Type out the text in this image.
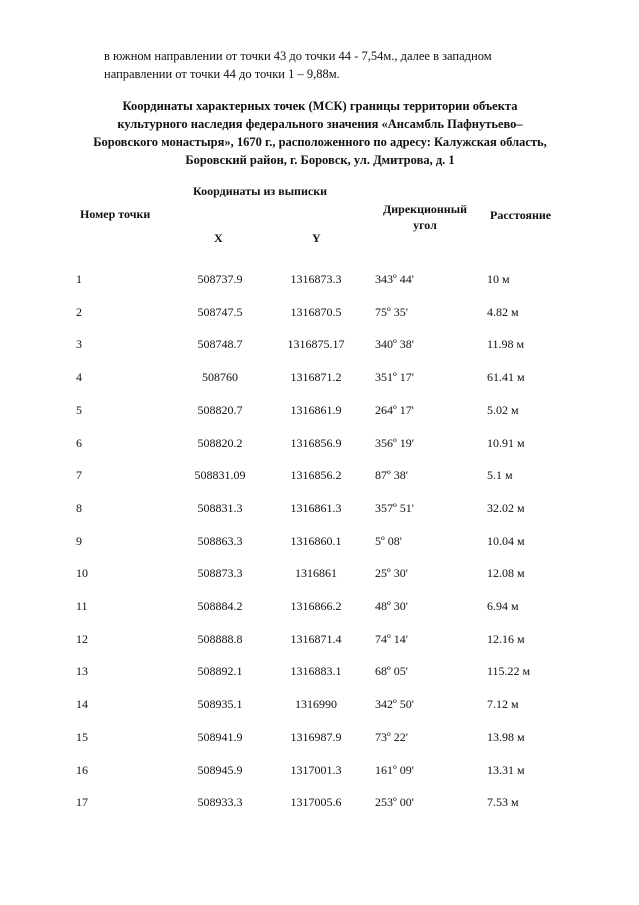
в южном направлении от точки 43 до точки 44 - 7,54м., далее в западном

направлении от точки 44 до точки 1 – 9,88м.

Координаты характерных точек (МСК) границы территории объекта
культурного наследия федерального значения «Ансамбль Пафнутьево–
Боровского монастыря», 1670 г., расположенного по адресу: Калужская область,
Боровский район, г. Боровск, ул. Дмитрова, д. 1
Номер точки
Координаты из выписки
X	Y
Дирекционный
угол
Расстояние
1	508737.9	1316873.3	343º 44'	10 м
2	508747.5	1316870.5	75º 35'	4.82 м
3	508748.7	1316875.17	340º 38'	11.98 м
4	508760	1316871.2	351º 17'	61.41 м
5	508820.7	1316861.9	264º 17'	5.02 м
6	508820.2	1316856.9	356º 19'	10.91 м
7	508831.09	1316856.2	87º 38'	5.1 м
8	508831.3	1316861.3	357º 51'	32.02 м
9	508863.3	1316860.1	5º 08'	10.04 м
10	508873.3	1316861	25º 30'	12.08 м
11	508884.2	1316866.2	48º 30'	6.94 м
12	508888.8	1316871.4	74º 14'	12.16 м
13	508892.1	1316883.1	68º 05'	115.22 м
14	508935.1	1316990	342º 50'	7.12 м
15	508941.9	1316987.9	73º 22'	13.98 м
16	508945.9	1317001.3	161º 09'	13.31 м
17	508933.3	1317005.6	253º 00'	7.53 м
